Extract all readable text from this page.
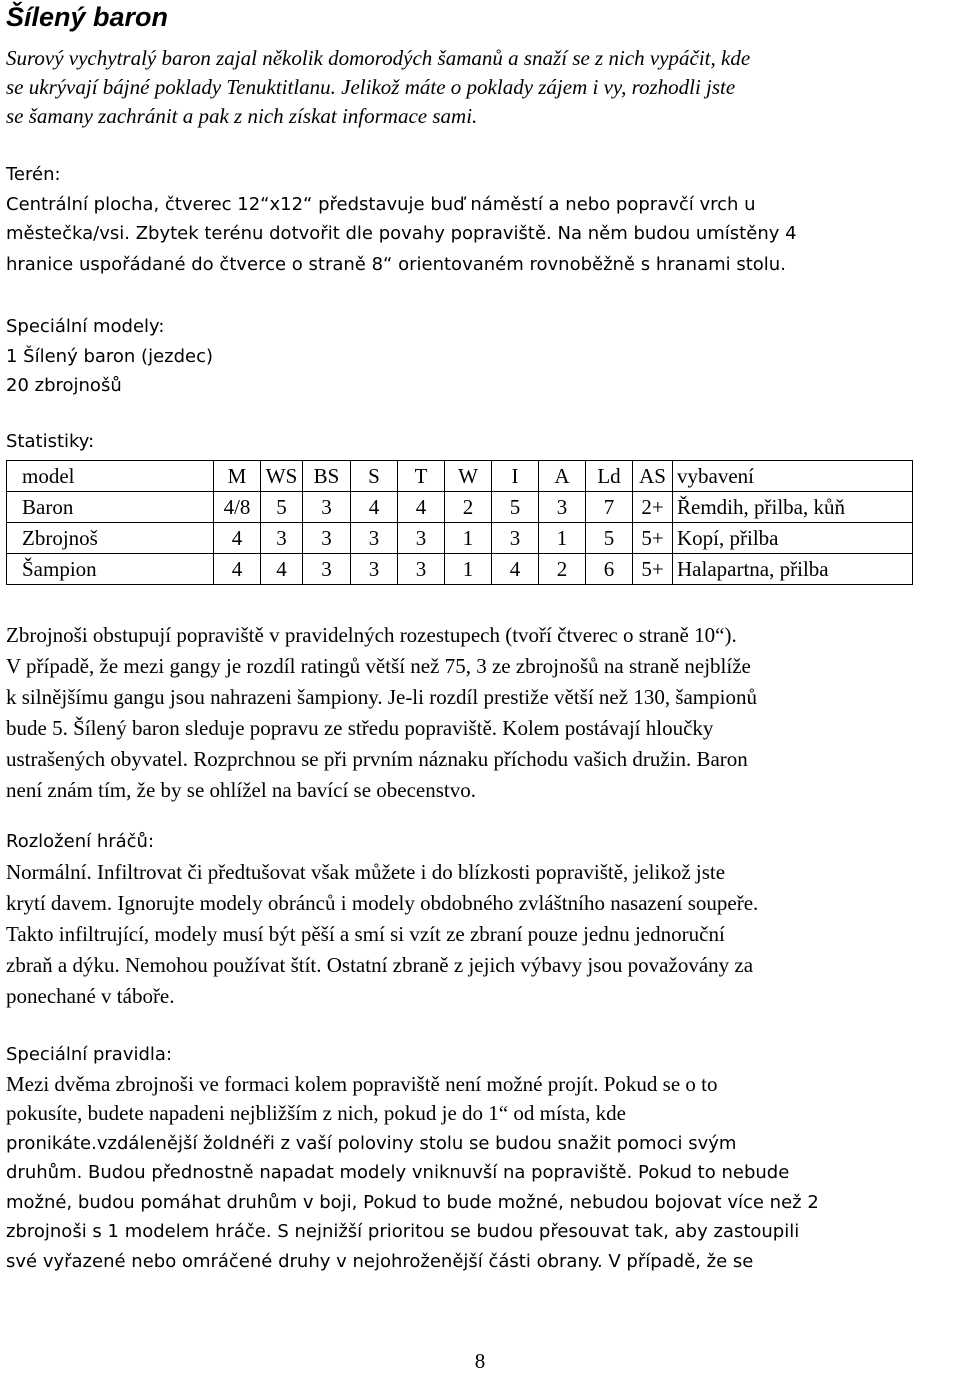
Šílený baron

Surový vychytralý baron zajal několik domorodých šamanů a snaží se z nich vypáčit, kde
se ukrývají bájné poklady Tenuktitlanu. Jelikož máte o poklady zájem i vy, rozhodli jste
se šamany zachránit a pak z nich získat informace sami.

Terén:
Centrální plocha, čtverec 12“x12“ představuje buď náměstí a nebo popravčí vrch u
městečka/vsi. Zbytek terénu dotvořit dle povahy popraviště. Na něm budou umístěny 4
hranice uspořádané do čtverce o straně 8“ orientovaném rovnoběžně s hranami stolu.
Speciální modely:
1 Šílený baron (jezdec)
20 zbrojnošů
Statistiky:
model	M	WS	BS	S	T	W	I	A	Ld	AS	vybavení
Baron	4/8	5	3	4	4	2	5	3	7	2+	Řemdih, přilba, kůň
Zbrojnoš	4	3	3	3	3	1	3	1	5	5+	Kopí, přilba
Šampion	4	4	3	3	3	1	4	2	6	5+	Halapartna, přilba
Zbrojnoši obstupují popraviště v pravidelných rozestupech (tvoří čtverec o straně 10“).
V případě, že mezi gangy je rozdíl ratingů větší než 75, 3 ze zbrojnošů na straně nejblíže
k silnějšímu gangu jsou nahrazeni šampiony. Je-li rozdíl prestiže větší než 130, šampionů
bude 5. Šílený baron sleduje popravu ze středu popraviště. Kolem postávají hloučky
ustrašených obyvatel. Rozprchnou se při prvním náznaku příchodu vašich družin. Baron
není znám tím, že by se ohlížel na bavící se obecenstvo.
Rozložení hráčů:
Normální. Infiltrovat či předtušovat však můžete i do blízkosti popraviště, jelikož jste
krytí davem. Ignorujte modely obránců i modely obdobného zvláštního nasazení soupeře.
Takto infiltrující, modely musí být pěší a smí si vzít ze zbraní pouze jednu jednoruční
zbraň a dýku. Nemohou používat štít. Ostatní zbraně z jejich výbavy jsou považovány za
ponechané v táboře.
Speciální pravidla:
Mezi dvěma zbrojnoši ve formaci kolem popraviště není možné projít. Pokud se o to
pokusíte, budete napadeni nejbližším z nich, pokud je do 1“ od místa, kde
pronikáte.vzdálenější žoldnéři z vaší poloviny stolu se budou snažit pomoci svým
druhům. Budou přednostně napadat modely vniknuvší na popraviště. Pokud to nebude
možné, budou pomáhat druhům v boji, Pokud to bude možné, nebudou bojovat více než 2
zbrojnoši s 1 modelem hráče. S nejnižší prioritou se budou přesouvat tak, aby zastoupili
své vyřazené nebo omráčené druhy v nejohroženější části obrany. V případě, že se
8
